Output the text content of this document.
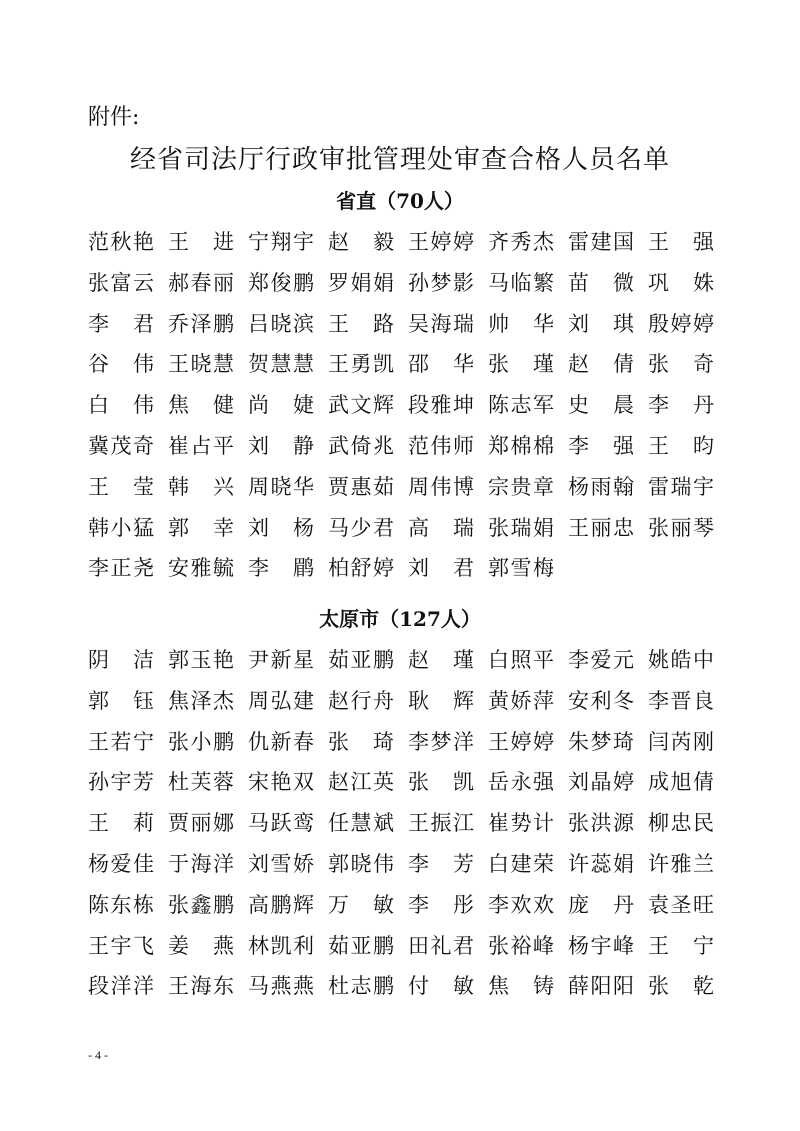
附件:
经省司法厅行政审批管理处审查合格人员名单
省直（70人）
范 秋 艳 王 进 宁 翔 宇 赵 毅 王 婷 婷 齐 秀 杰 雷 建 国 王 强
张 富 云 郝 春 丽 郑 俊 鹏 罗 娟 娟 孙 梦 影 马 临 繁 苗 微 巩 姝
李 君 乔 泽 鹏 吕 晓 滨 王 路 吴 海 瑞 帅 华 刘 琪 殷 婷 婷
谷 伟 王 晓 慧 贺 慧 慧 王 勇 凯 邵 华 张 瑾 赵 倩 张 奇
白 伟 焦 健 尚 婕 武 文 辉 段 雅 坤 陈 志 军 史 晨 李 丹
冀 茂 奇 崔 占 平 刘 静 武 倚 兆 范 伟 师 郑 棉 棉 李 强 王 昀
王 莹 韩 兴 周 晓 华 贾 惠 茹 周 伟 博 宗 贵 章 杨 雨 翰 雷 瑞 宇
韩 小 猛 郭 幸 刘 杨 马 少 君 高 瑞 张 瑞 娟 王 丽 忠 张 丽 琴
李 正 尧 安 雅 毓 李 鹛 柏 舒 婷 刘 君 郭 雪 梅
太原市（127人）
阴 洁 郭 玉 艳 尹 新 星 茹 亚 鹏 赵 瑾 白 照 平 李 爱 元 姚 皓 中
郭 钰 焦 泽 杰 周 弘 建 赵 行 舟 耿 辉 黄 娇 萍 安 利 冬 李 晋 良
王 若 宁 张 小 鹏 仇 新 春 张 琦 李 梦 洋 王 婷 婷 朱 梦 琦 闫 芮 刚
孙 宇 芳 杜 芙 蓉 宋 艳 双 赵 江 英 张 凯 岳 永 强 刘 晶 婷 成 旭 倩
王 莉 贾 丽 娜 马 跃 鸾 任 慧 斌 王 振 江 崔 势 计 张 洪 源 柳 忠 民
杨 爱 佳 于 海 洋 刘 雪 娇 郭 晓 伟 李 芳 白 建 荣 许 蕊 娟 许 雅 兰
陈 东 栋 张 鑫 鹏 高 鹏 辉 万 敏 李 彤 李 欢 欢 庞 丹 袁 圣 旺
王 宇 飞 姜 燕 林 凯 利 茹 亚 鹏 田 礼 君 张 裕 峰 杨 宇 峰 王 宁
段 洋 洋 王 海 东 马 燕 燕 杜 志 鹏 付 敏 焦 铸 薛 阳 阳 张 乾
- 4 -
